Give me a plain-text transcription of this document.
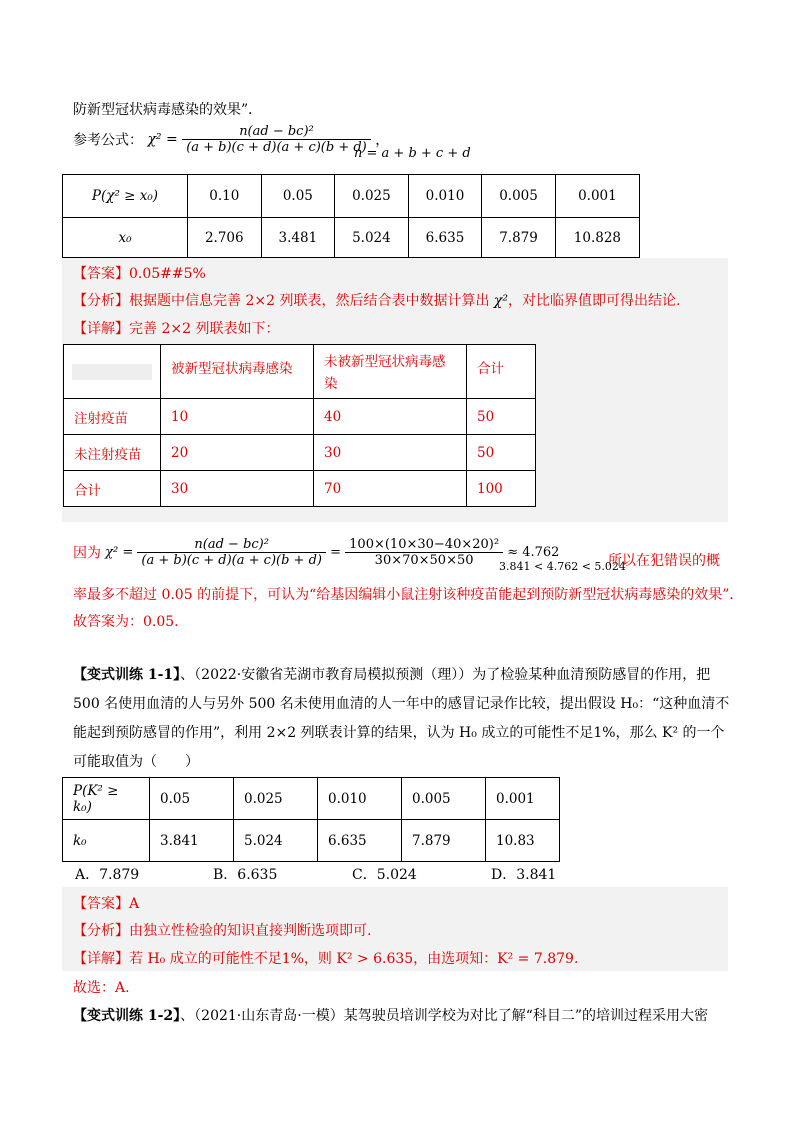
防新型冠状病毒感染的效果”．
参考公式： $\chi^2 = \frac{\text{n(ad − bc)²}}{(a + b)(c + d)(a + c)(b + d)}$ ，
n = a + b + c + d
P(χ² ≥ x₀)	0.10	0.05	0.025	0.010	0.005	0.001
x₀	2.706	3.481	5.024	6.635	7.879	10.828
【答案】0.05##5%
【分析】根据题中信息完善 2×2 列联表，然后结合表中数据计算出 χ²，对比临界值即可得出结论.
【详解】完善 2×2 列联表如下：
	被新型冠状病毒感染	未被新型冠状病毒感
染	合计
注射疫苗	10	40	50
未注射疫苗	20	30	50
合计	30	70	100
因为 $\chi^2 = \frac{\text{n(ad − bc)²}}{(a + b)(c + d)(a + c)(b + d)} = \frac{\text{100×(10×30−40×20)²}}{30\times 70\times 50\times 50} \approx 4.762$
3.841 < 4.762 < 5.024
所以在犯错误的概
率最多不超过 0.05 的前提下，可认为“给基因编辑小鼠注射该种疫苗能起到预防新型冠状病毒感染的效果”．
故答案为：0.05.
【变式训练 1-1】、（2022·安徽省芜湖市教育局模拟预测（理））为了检验某种血清预防感冒的作用，把
500 名使用血清的人与另外 500 名未使用血清的人一年中的感冒记录作比较，提出假设 H₀：“这种血清不
能起到预防感冒的作用”，利用 2×2 列联表计算的结果，认为 H₀ 成立的可能性不足1%，那么 K² 的一个
可能取值为（　　）
P(K² ≥ k₀)	0.05	0.025	0.010	0.005	0.001
k₀	3.841	5.024	6.635	7.879	10.83
A．7.879	B．6.635	C．5.024	D．3.841
【答案】A
【分析】由独立性检验的知识直接判断选项即可.
【详解】若 H₀ 成立的可能性不足1%，则 K² > 6.635，由选项知：K² = 7.879.
故选：A.
【变式训练 1-2】、（2021·山东青岛·一模）某驾驶员培训学校为对比了解“科目二”的培训过程采用大密
